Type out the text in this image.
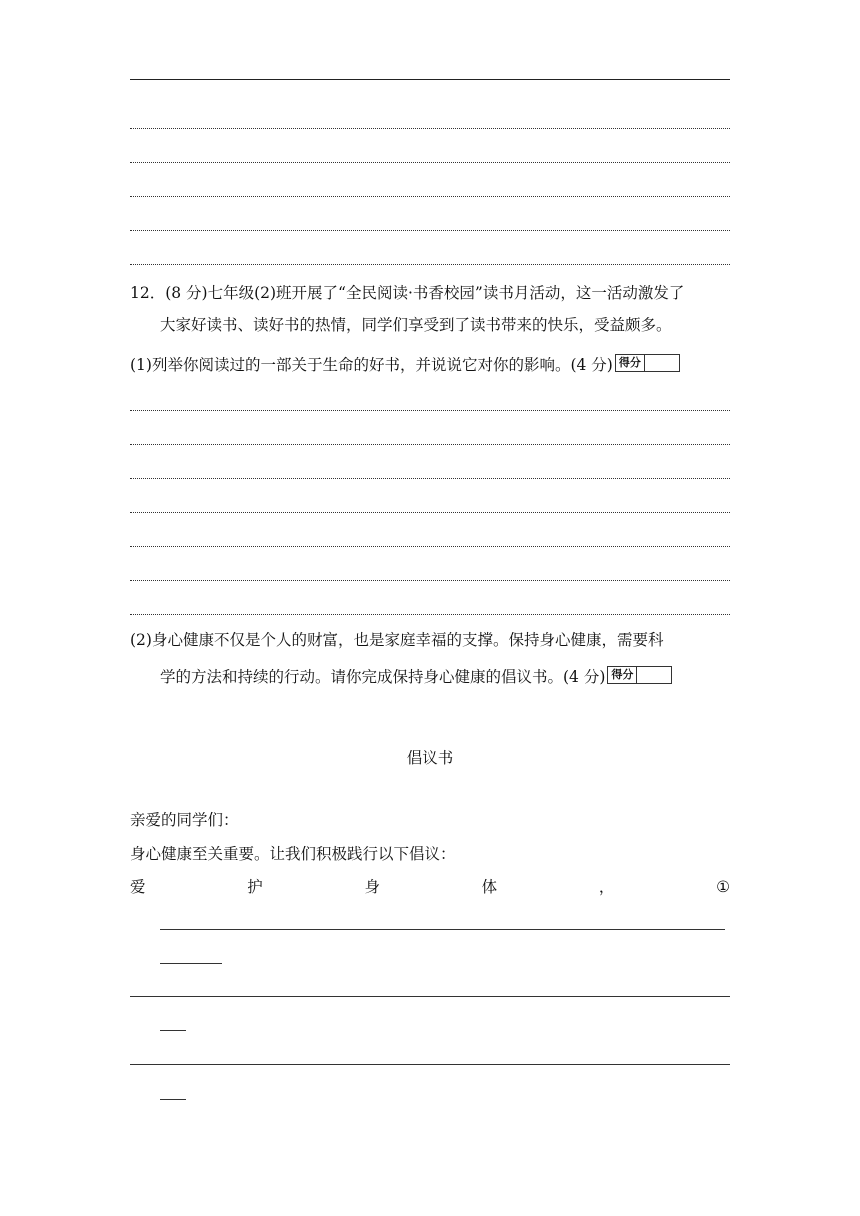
12．(8 分)七年级(2)班开展了“全民阅读·书香校园”读书月活动，这一活动激发了
大家好读书、读好书的热情，同学们享受到了读书带来的快乐，受益颇多。
(1)列举你阅读过的一部关于生命的好书，并说说它对你的影响。(4 分) 得分
(2)身心健康不仅是个人的财富，也是家庭幸福的支撑。保持身心健康，需要科
学的方法和持续的行动。请你完成保持身心健康的倡议书。(4 分) 得分
倡议书
亲爱的同学们：
身心健康至关重要。让我们积极践行以下倡议：
爱	护	身	体	，	①
